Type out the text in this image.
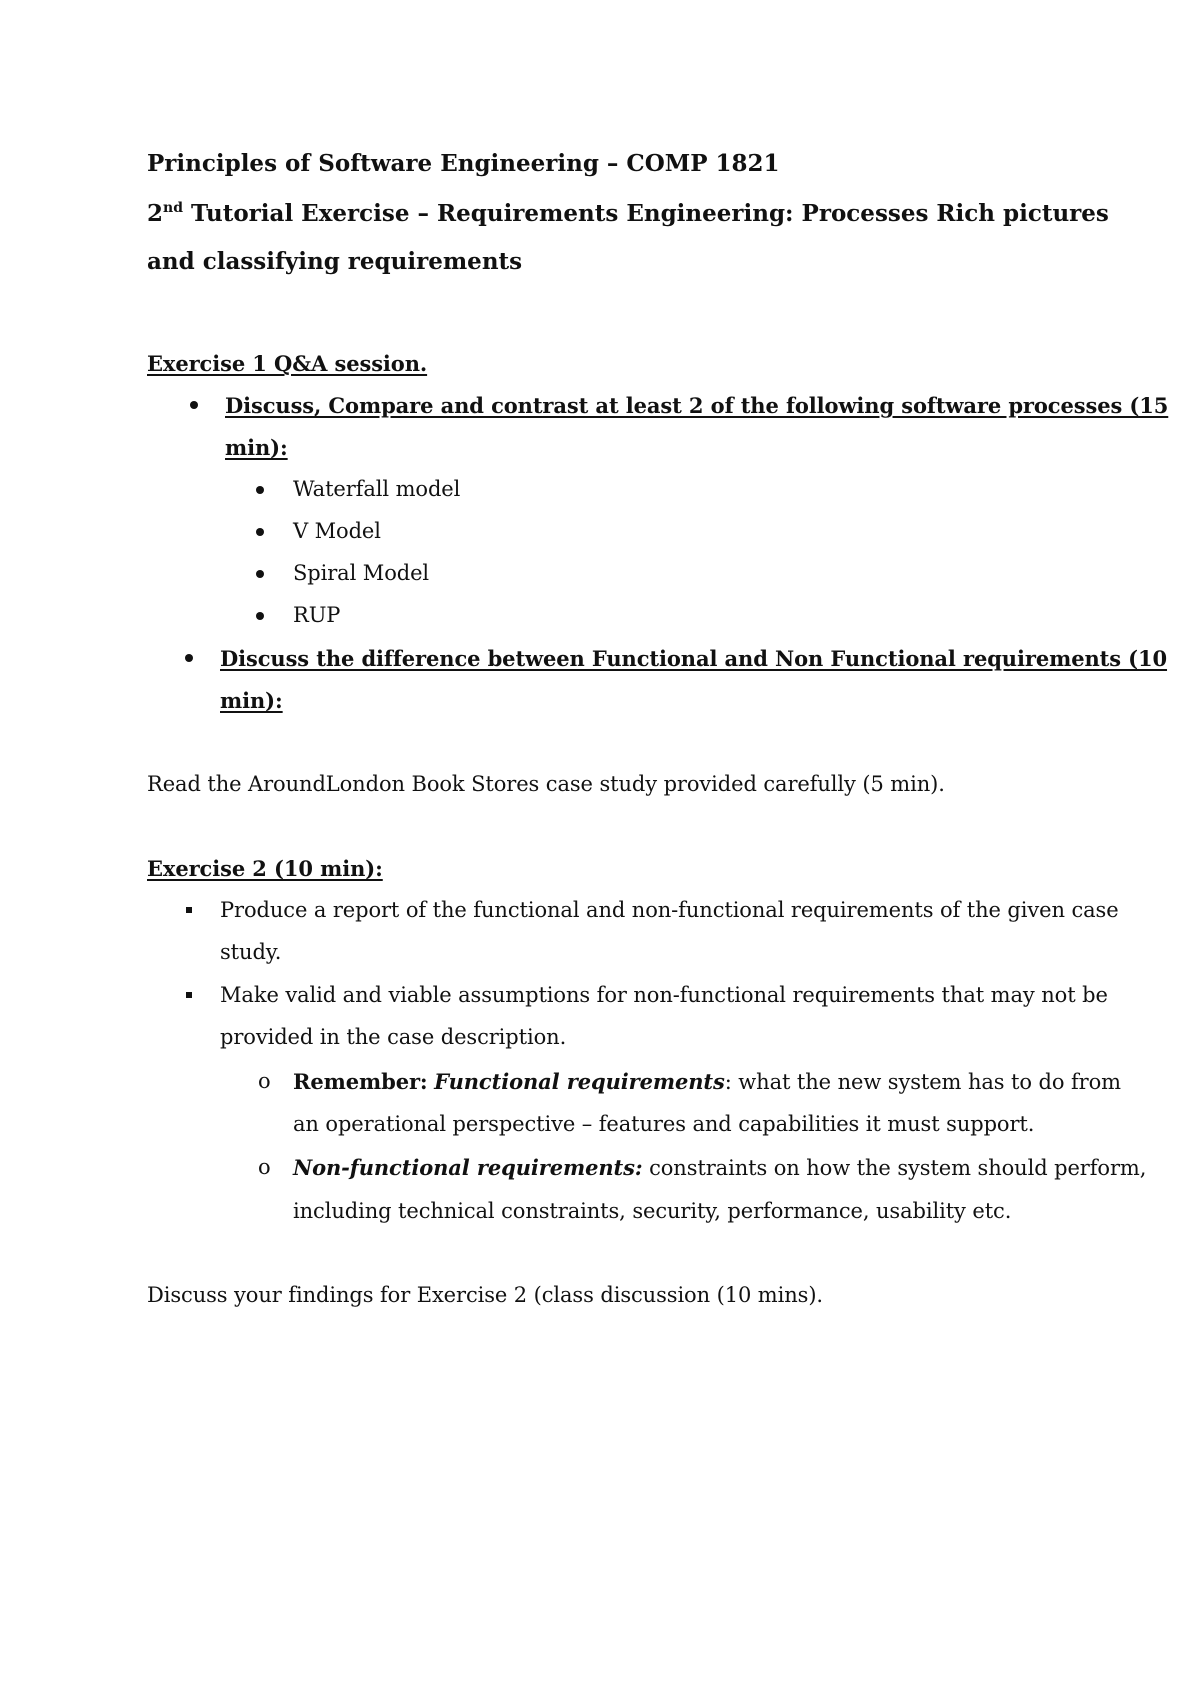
Principles of Software Engineering – COMP 1821
2nd Tutorial Exercise – Requirements Engineering: Processes Rich pictures
and classifying requirements
Exercise 1 Q&A session.
Discuss, Compare and contrast at least 2 of the following software processes (15
min):
Waterfall model
V Model
Spiral Model
RUP
Discuss the difference between Functional and Non Functional requirements (10
min):
Read the AroundLondon Book Stores case study provided carefully (5 min).
Exercise 2 (10 min):
Produce a report of the functional and non-functional requirements of the given case
study.
Make valid and viable assumptions for non-functional requirements that may not be
provided in the case description.
o Remember: Functional requirements: what the new system has to do from
an operational perspective – features and capabilities it must support.
o Non-functional requirements: constraints on how the system should perform,
including technical constraints, security, performance, usability etc.
Discuss your findings for Exercise 2 (class discussion (10 mins).
